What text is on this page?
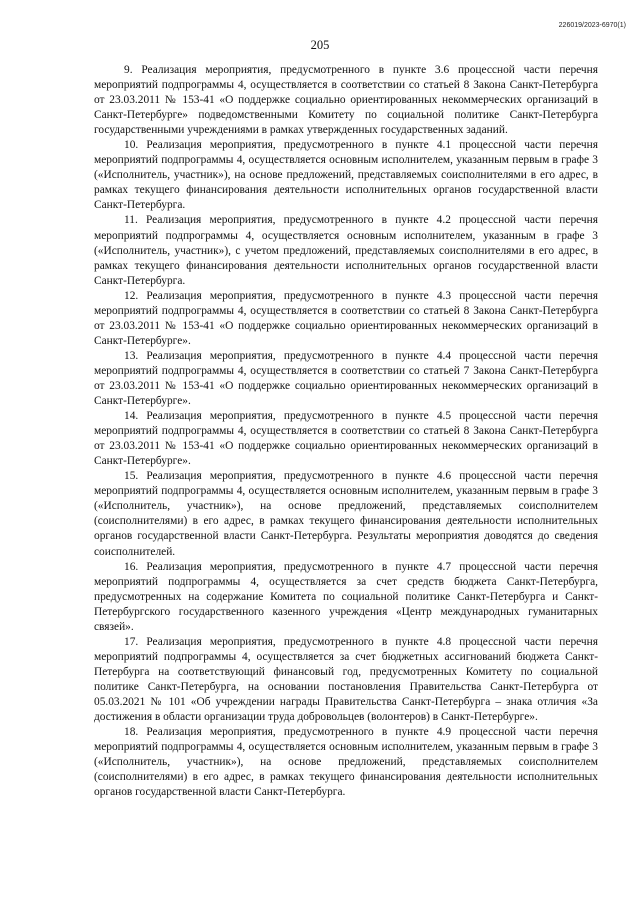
226019/2023-6970(1)
205

9. Реализация мероприятия, предусмотренного в пункте 3.6 процессной части перечня мероприятий подпрограммы 4, осуществляется в соответствии со статьей 8 Закона Санкт-Петербурга от 23.03.2011 № 153-41 «О поддержке социально ориентированных некоммерческих организаций в Санкт-Петербурге» подведомственными Комитету по социальной политике Санкт-Петербурга государственными учреждениями в рамках утвержденных государственных заданий.

10. Реализация мероприятия, предусмотренного в пункте 4.1 процессной части перечня мероприятий подпрограммы 4, осуществляется основным исполнителем, указанным первым в графе 3 («Исполнитель, участник»), на основе предложений, представляемых соисполнителями в его адрес, в рамках текущего финансирования деятельности исполнительных органов государственной власти Санкт-Петербурга.

11. Реализация мероприятия, предусмотренного в пункте 4.2 процессной части перечня мероприятий подпрограммы 4, осуществляется основным исполнителем, указанным в графе 3 («Исполнитель, участник»), с учетом предложений, представляемых соисполнителями в его адрес, в рамках текущего финансирования деятельности исполнительных органов государственной власти Санкт-Петербурга.

12. Реализация мероприятия, предусмотренного в пункте 4.3 процессной части перечня мероприятий подпрограммы 4, осуществляется в соответствии со статьей 8 Закона Санкт-Петербурга от 23.03.2011 № 153-41 «О поддержке социально ориентированных некоммерческих организаций в Санкт-Петербурге».

13. Реализация мероприятия, предусмотренного в пункте 4.4 процессной части перечня мероприятий подпрограммы 4, осуществляется в соответствии со статьей 7 Закона Санкт-Петербурга от 23.03.2011 № 153-41 «О поддержке социально ориентированных некоммерческих организаций в Санкт-Петербурге».

14. Реализация мероприятия, предусмотренного в пункте 4.5 процессной части перечня мероприятий подпрограммы 4, осуществляется в соответствии со статьей 8 Закона Санкт-Петербурга от 23.03.2011 № 153-41 «О поддержке социально ориентированных некоммерческих организаций в Санкт-Петербурге».

15. Реализация мероприятия, предусмотренного в пункте 4.6 процессной части перечня мероприятий подпрограммы 4, осуществляется основным исполнителем, указанным первым в графе 3 («Исполнитель, участник»), на основе предложений, представляемых соисполнителем (соисполнителями) в его адрес, в рамках текущего финансирования деятельности исполнительных органов государственной власти Санкт-Петербурга. Результаты мероприятия доводятся до сведения соисполнителей.

16. Реализация мероприятия, предусмотренного в пункте 4.7 процессной части перечня мероприятий подпрограммы 4, осуществляется за счет средств бюджета Санкт-Петербурга, предусмотренных на содержание Комитета по социальной политике Санкт-Петербурга и Санкт-Петербургского государственного казенного учреждения «Центр международных гуманитарных связей».

17. Реализация мероприятия, предусмотренного в пункте 4.8 процессной части перечня мероприятий подпрограммы 4, осуществляется за счет бюджетных ассигнований бюджета Санкт-Петербурга на соответствующий финансовый год, предусмотренных Комитету по социальной политике Санкт-Петербурга, на основании постановления Правительства Санкт-Петербурга от 05.03.2021 № 101 «Об учреждении награды Правительства Санкт-Петербурга – знака отличия «За достижения в области организации труда добровольцев (волонтеров) в Санкт-Петербурге».

18. Реализация мероприятия, предусмотренного в пункте 4.9 процессной части перечня мероприятий подпрограммы 4, осуществляется основным исполнителем, указанным первым в графе 3 («Исполнитель, участник»), на основе предложений, представляемых соисполнителем (соисполнителями) в его адрес, в рамках текущего финансирования деятельности исполнительных органов государственной власти Санкт-Петербурга.
